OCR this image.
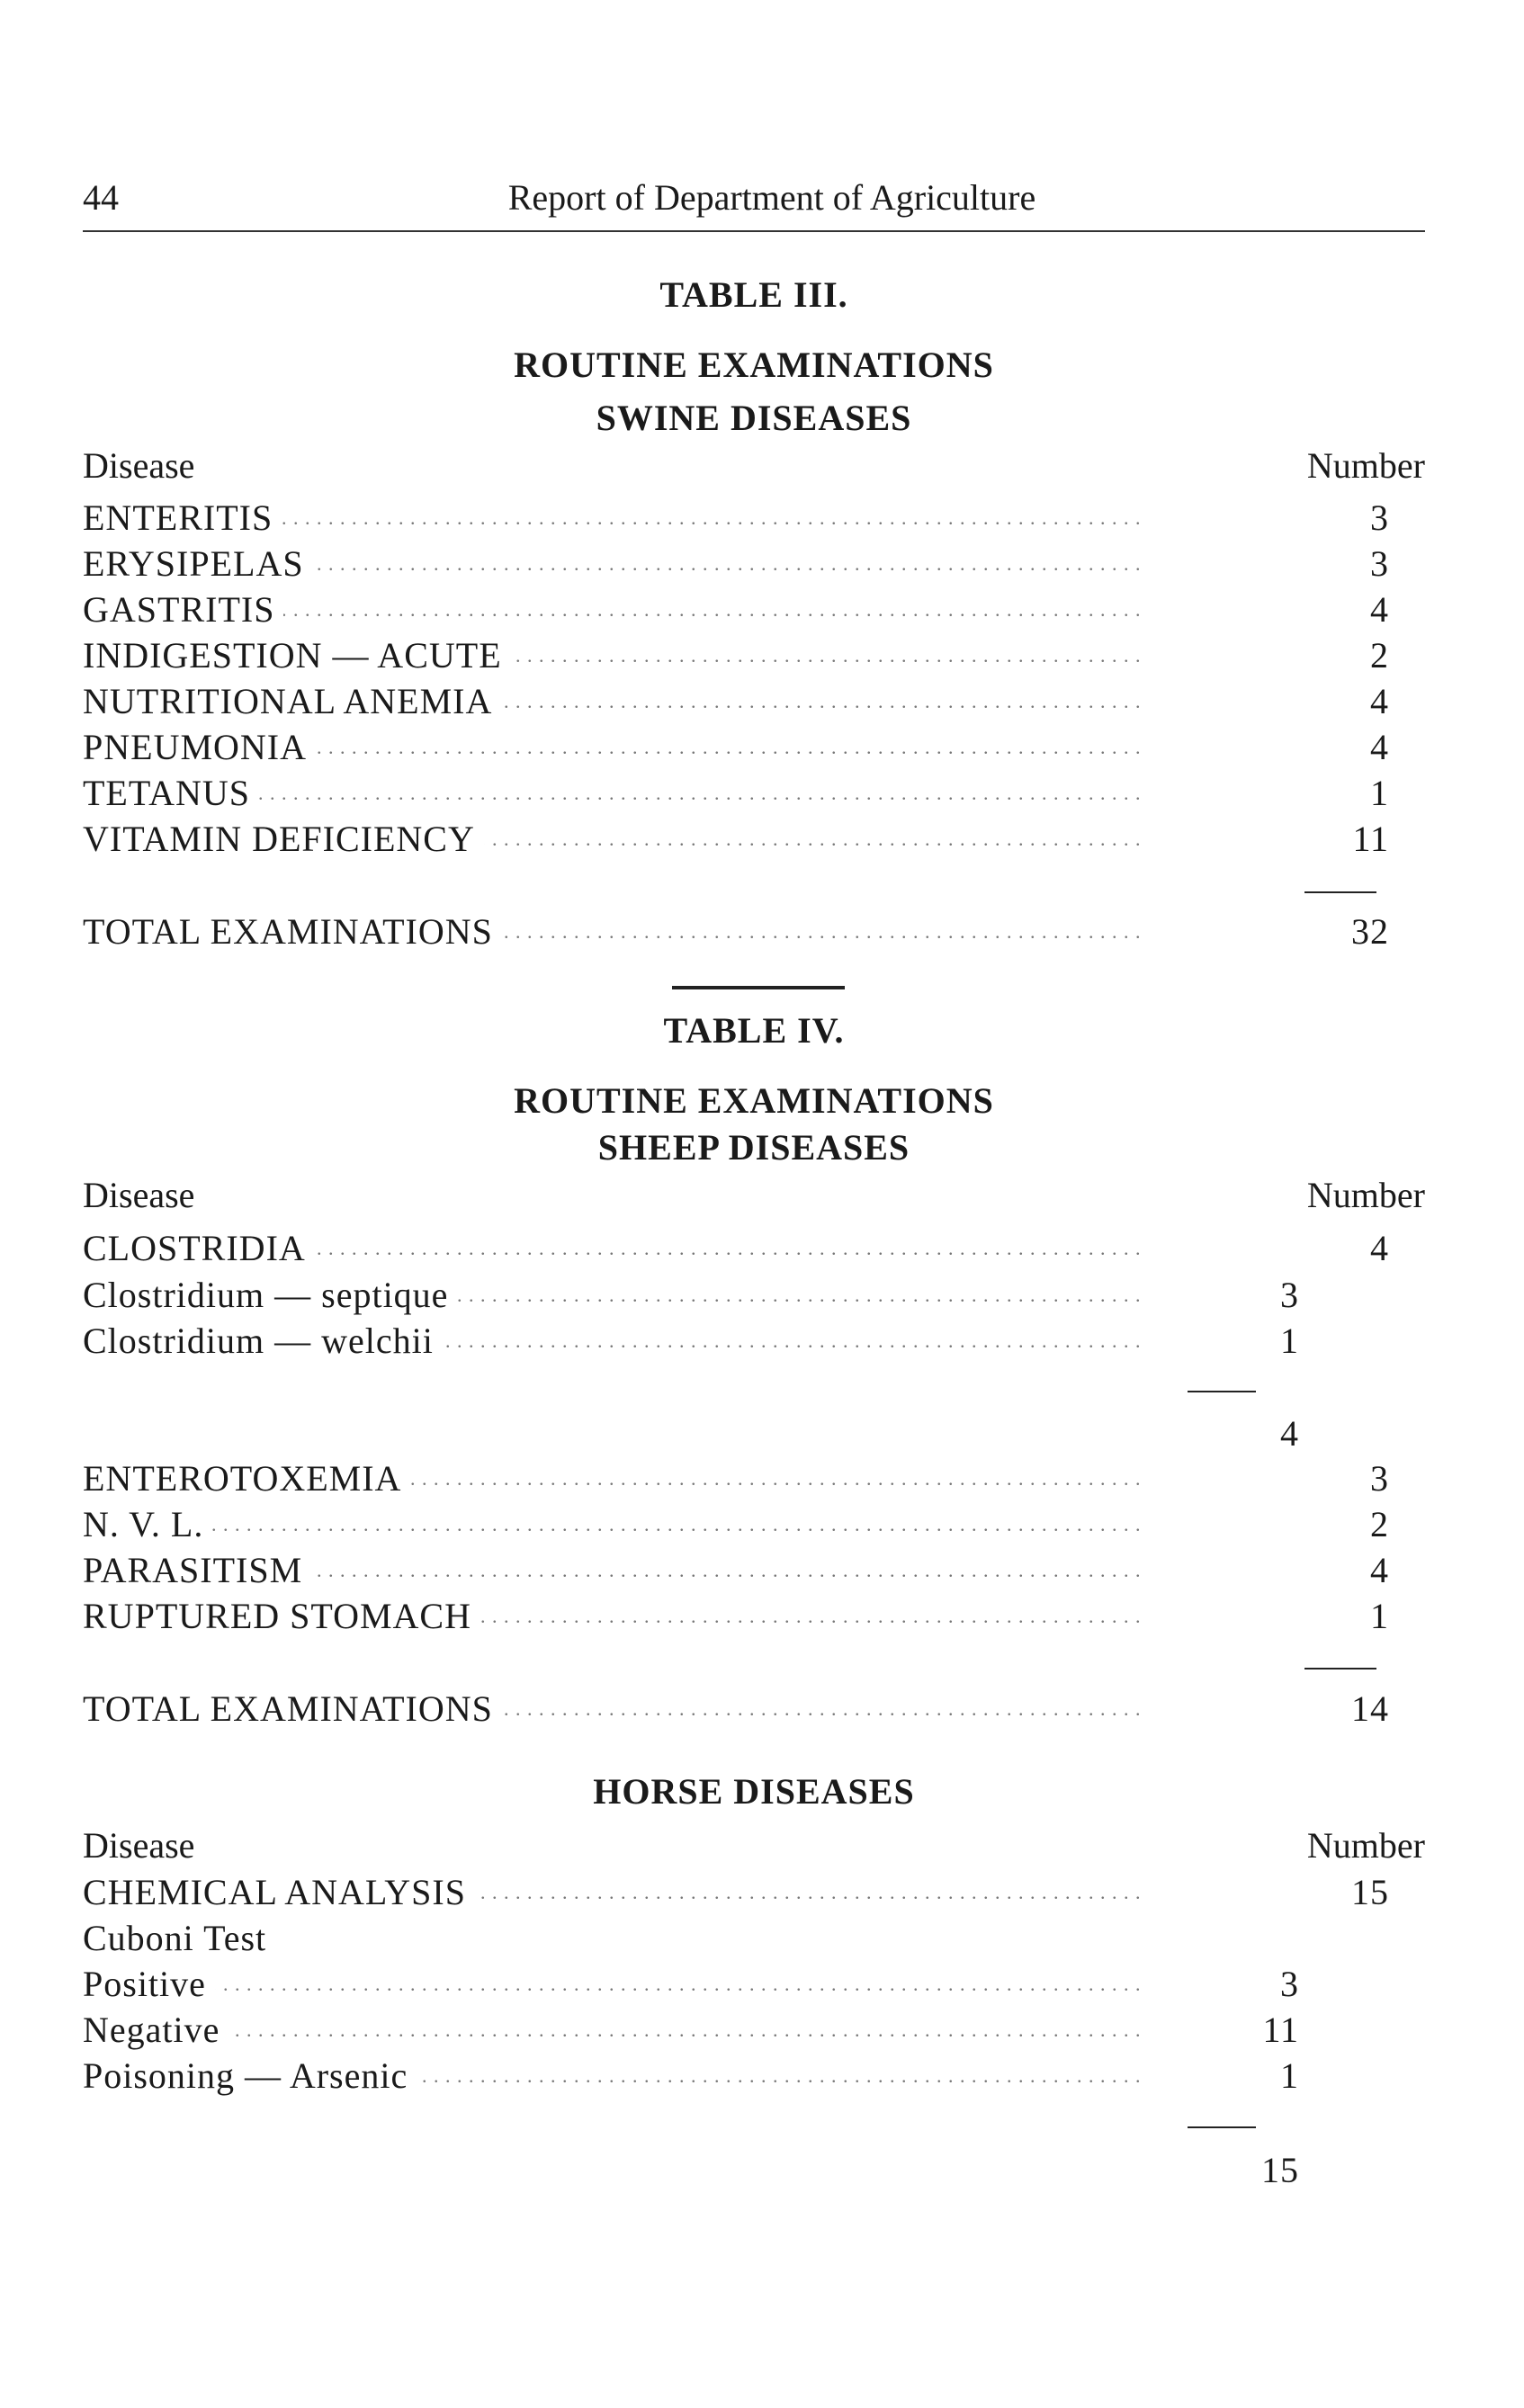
44	Report of Department of Agriculture
TABLE III.
ROUTINE EXAMINATIONS
SWINE DISEASES
Disease	Number
. . .
ENTERITIS	3
. . .
ERYSIPELAS	3
. . .
GASTRITIS	4
. . .
INDIGESTION — ACUTE	2
. . .
NUTRITIONAL ANEMIA	4
. . .
PNEUMONIA	4
. . .
TETANUS	1
. . .
VITAMIN DEFICIENCY	11
. . .
TOTAL EXAMINATIONS	32
TABLE IV.
ROUTINE EXAMINATIONS
SHEEP DISEASES
Disease	Number
. . .
CLOSTRIDIA	4
. . .
Clostridium — septique	3
. . .
Clostridium — welchii	1
4
. . .
ENTEROTOXEMIA	3
. . .
N. V. L.	2
. . .
PARASITISM	4
. . .
RUPTURED STOMACH	1
. . .
TOTAL EXAMINATIONS	14
HORSE DISEASES
Disease	Number
. . .
CHEMICAL ANALYSIS	15
Cuboni Test
. . .
Positive	3
. . .
Negative	11
. . .
Poisoning — Arsenic	1
15
